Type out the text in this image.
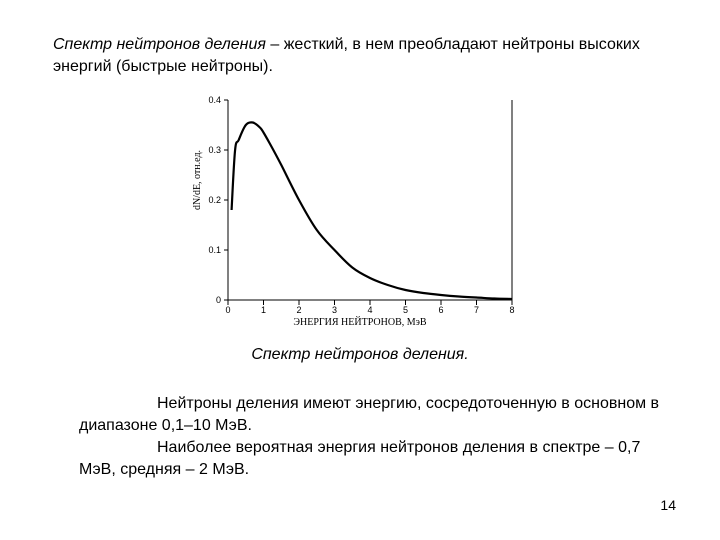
Спектр нейтронов деления – жесткий, в нем преобладают нейтроны высоких энергий (быстрые нейтроны).
0	1	2	3	4	5	6	7	8
0
0.1
0.2
0.3
0.4
ЭНЕРГИЯ НЕЙТРОНОВ, МэВ
dN/dE, отн.ед.
Спектр нейтронов деления.

Нейтроны деления имеют энергию, сосредоточенную в основном в диапазоне 0,1–10 МэВ.

Наиболее вероятная энергия нейтронов деления в спектре – 0,7 МэВ, средняя – 2 МэВ.

14
